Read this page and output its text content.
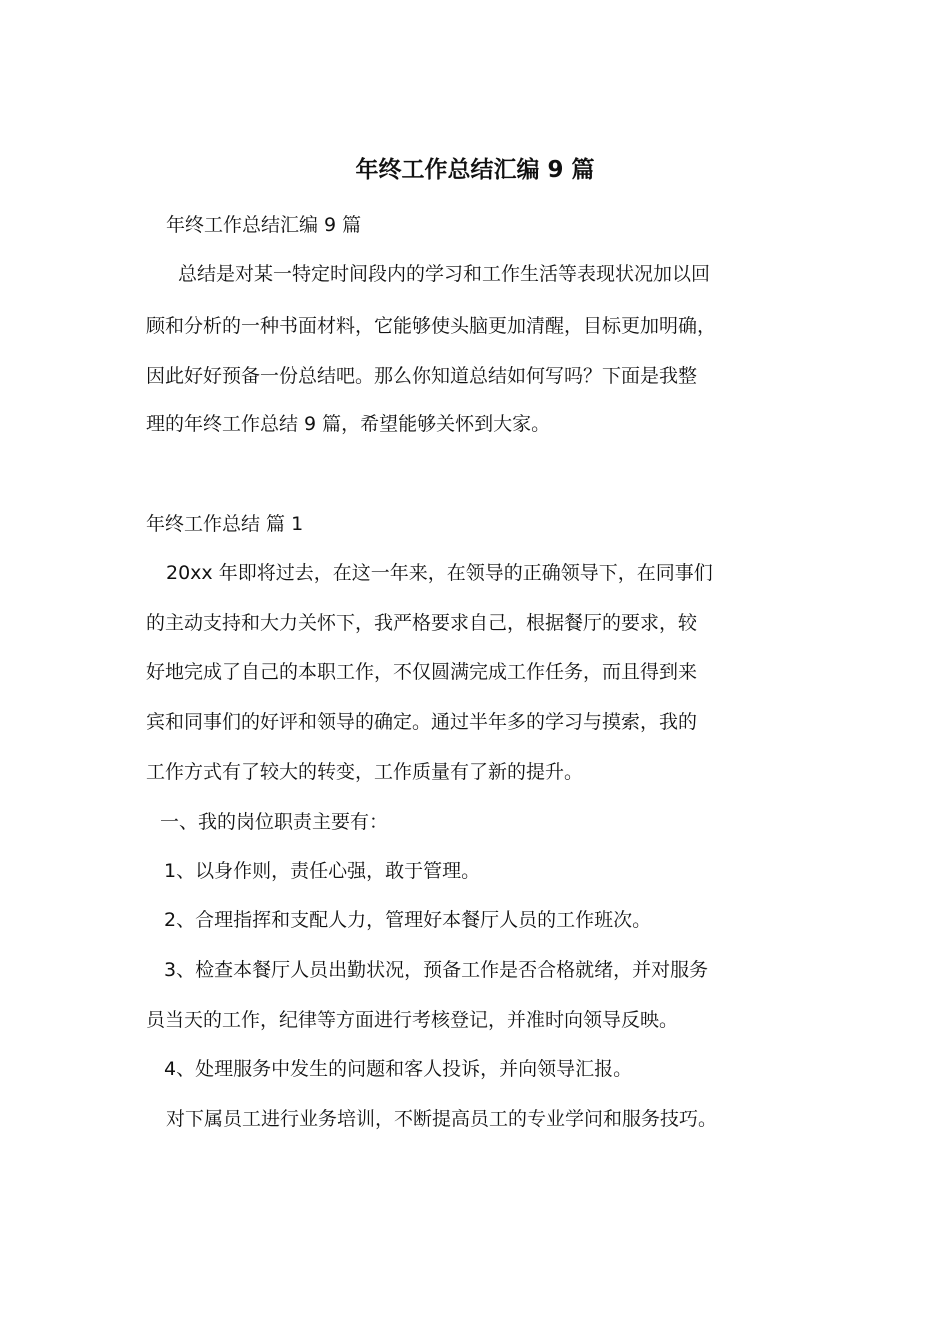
年终工作总结汇编 9 篇

年终工作总结汇编 9 篇

总结是对某一特定时间段内的学习和工作生活等表现状况加以回

顾和分析的一种书面材料，它能够使头脑更加清醒，目标更加明确，

因此好好预备一份总结吧。那么你知道总结如何写吗？下面是我整

理的年终工作总结 9 篇，希望能够关怀到大家。

年终工作总结 篇 1

20xx 年即将过去，在这一年来，在领导的正确领导下，在同事们

的主动支持和大力关怀下，我严格要求自己，根据餐厅的要求，较

好地完成了自己的本职工作，不仅圆满完成工作任务，而且得到来

宾和同事们的好评和领导的确定。通过半年多的学习与摸索，我的

工作方式有了较大的转变，工作质量有了新的提升。

一、我的岗位职责主要有：

1、以身作则，责任心强，敢于管理。

2、合理指挥和支配人力，管理好本餐厅人员的工作班次。

3、检查本餐厅人员出勤状况，预备工作是否合格就绪，并对服务

员当天的工作，纪律等方面进行考核登记，并准时向领导反映。

4、处理服务中发生的问题和客人投诉，并向领导汇报。

对下属员工进行业务培训，不断提高员工的专业学问和服务技巧。
